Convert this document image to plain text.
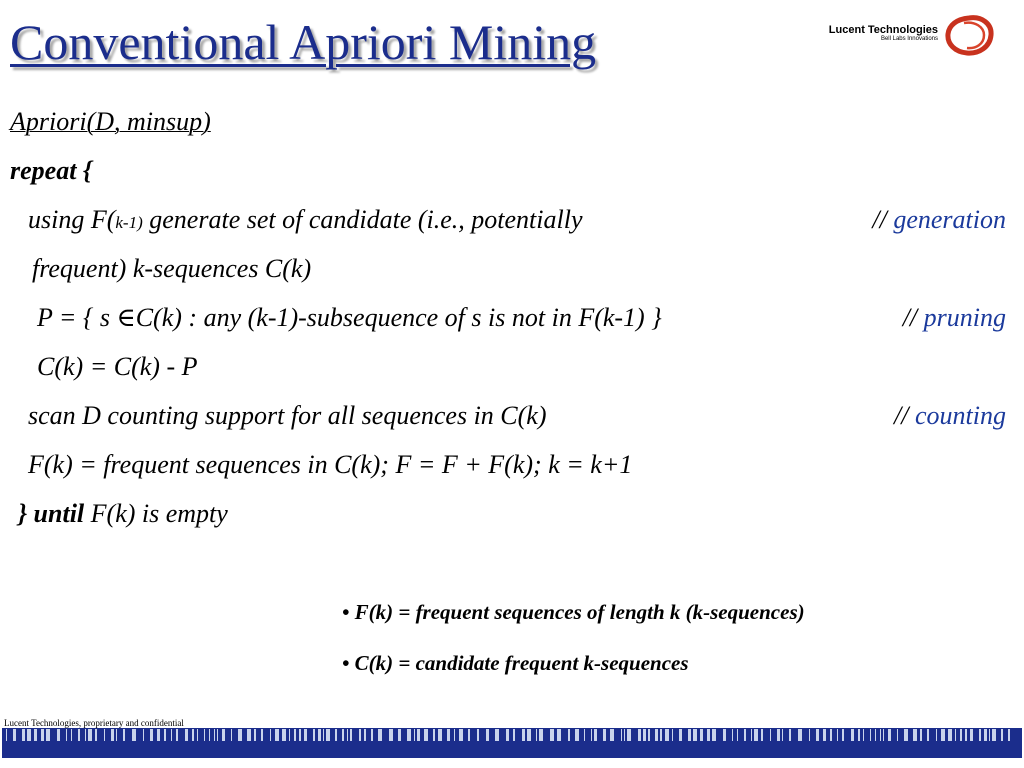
Conventional Apriori Mining	Lucent Technologies
Bell Labs Innovations
Apriori(D, minsup)
repeat {
using F(k-1) generate set of candidate (i.e., potentially	// generation
frequent) k-sequences C(k)
P = { s ∈C(k) : any (k-1)-subsequence of s is not in F(k-1) }	// pruning
C(k) = C(k) - P
scan D counting support for all sequences in C(k)	// counting
F(k) = frequent sequences in C(k); F = F + F(k); k = k+1
} until F(k) is empty
• F(k) = frequent sequences of length k (k-sequences)
• C(k) = candidate frequent k-sequences
Lucent Technologies, proprietary and confidential
